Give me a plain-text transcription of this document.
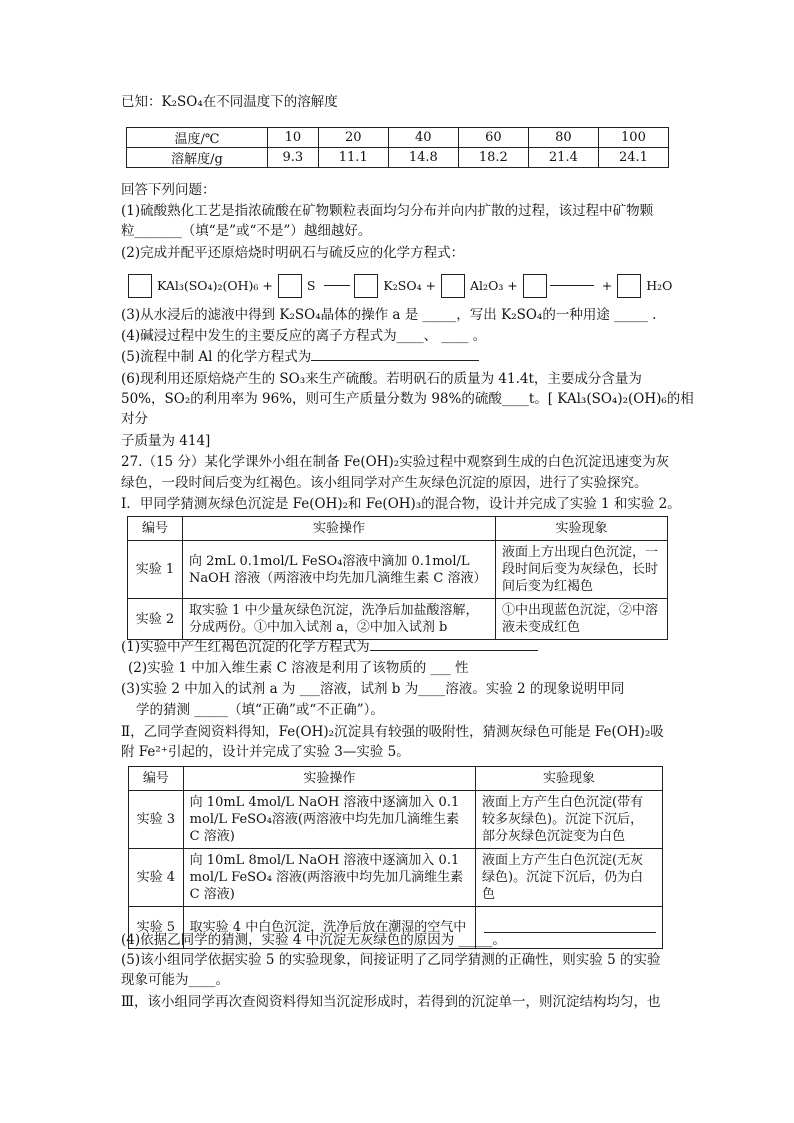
已知：K₂SO₄在不同温度下的溶解度
温度/℃	10	20	40	60	80	100
溶解度/g	9.3	11.1	14.8	18.2	21.4	24.1
回答下列问题：
(1)硫酸熟化工艺是指浓硫酸在矿物颗粒表面均匀分布并向内扩散的过程，该过程中矿物颗
粒_______（填“是”或“不是”）越细越好。
(2)完成并配平还原焙烧时明矾石与硫反应的化学方程式：
KAl₃(SO₄)₂(OH)₆ +	S	K₂SO₄ +	Al₂O₃ +	+	H₂O
(3)从水浸后的滤液中得到 K₂SO₄晶体的操作 a 是 _____，写出 K₂SO₄的一种用途 _____ .
(4)碱浸过程中发生的主要反应的离子方程式为____、 ____ 。
(5)流程中制 Al 的化学方程式为
(6)现利用还原焙烧产生的 SO₃来生产硫酸。若明矾石的质量为 41.4t，主要成分含量为
50%，SO₂的利用率为 96%，则可生产质量分数为 98%的硫酸____t。[ KAl₃(SO₄)₂(OH)₆的相
对分
子质量为 414]
27.（15 分）某化学课外小组在制备 Fe(OH)₂实验过程中观察到生成的白色沉淀迅速变为灰
绿色，一段时间后变为红褐色。该小组同学对产生灰绿色沉淀的原因，进行了实验探究。
I．甲同学猜测灰绿色沉淀是 Fe(OH)₂和 Fe(OH)₃的混合物，设计并完成了实验 1 和实验 2。
编号	实验操作	实验现象
实验 1	向 2mL 0.1mol/L FeSO₄溶液中滴加 0.1mol/L NaOH 溶液（两溶液中均先加几滴维生素 C 溶液）	液面上方出现白色沉淀，一段时间后变为灰绿色，长时间后变为红褐色
实验 2	取实验 1 中少量灰绿色沉淀，洗净后加盐酸溶解，分成两份。①中加入试剂 a，②中加入试剂 b	①中出现蓝色沉淀，②中溶液未变成红色
(1)实验中产生红褐色沉淀的化学方程式为
(2)实验 1 中加入维生素 C 溶液是利用了该物质的 ___ 性
(3)实验 2 中加入的试剂 a 为 ___溶液，试剂 b 为____溶液。实验 2 的现象说明甲同
学的猜测 _____（填“正确”或“不正确”）。
Ⅱ，乙同学查阅资料得知，Fe(OH)₂沉淀具有较强的吸附性，猜测灰绿色可能是 Fe(OH)₂吸
附 Fe²⁺引起的，设计并完成了实验 3—实验 5。
编号	实验操作	实验现象
实验 3	向 10mL 4mol/L NaOH 溶液中逐滴加入 0.1 mol/L FeSO₄溶液(两溶液中均先加几滴维生素 C 溶液)	液面上方产生白色沉淀(带有较多灰绿色)。沉淀下沉后，部分灰绿色沉淀变为白色
实验 4	向 10mL 8mol/L NaOH 溶液中逐滴加入 0.1 mol/L FeSO₄ 溶液(两溶液中均先加几滴维生素 C 溶液)	液面上方产生白色沉淀(无灰绿色)。沉淀下沉后，仍为白色
实验 5	取实验 4 中白色沉淀，洗净后放在潮湿的空气中	
(4)依据乙同学的猜测，实验 4 中沉淀无灰绿色的原因为 _____。
(5)该小组同学依据实验 5 的实验现象，间接证明了乙同学猜测的正确性，则实验 5 的实验
现象可能为____。
Ⅲ，该小组同学再次查阅资料得知当沉淀形成时，若得到的沉淀单一，则沉淀结构均匀，也
